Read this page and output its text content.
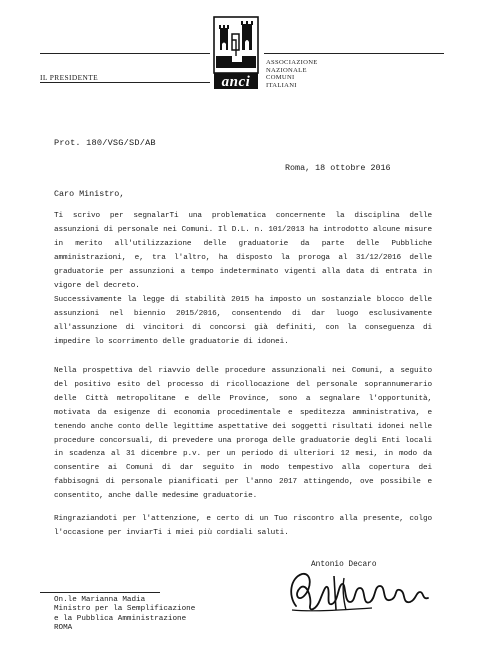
anci
ASSOCIAZIONE
NAZIONALE
COMUNI
ITALIANI
IL PRESIDENTE
Prot. 180/VSG/SD/AB
Roma, 18 ottobre 2016
Caro Ministro,
Ti scrivo per segnalarTi una problematica concernente la disciplina delle assunzioni di personale nei Comuni. Il D.L. n. 101/2013 ha introdotto alcune misure in merito all'utilizzazione delle graduatorie da parte delle Pubbliche amministrazioni, e, tra l'altro, ha disposto la proroga al 31/12/2016 delle graduatorie per assunzioni a tempo indeterminato vigenti alla data di entrata in vigore del decreto.
Successivamente la legge di stabilità 2015 ha imposto un sostanziale blocco delle assunzioni nel biennio 2015/2016, consentendo di dar luogo esclusivamente all'assunzione di vincitori di concorsi già definiti, con la conseguenza di impedire lo scorrimento delle graduatorie di idonei.
Nella prospettiva del riavvio delle procedure assunzionali nei Comuni, a seguito del positivo esito del processo di ricollocazione del personale soprannumerario delle Città metropolitane e delle Province, sono a segnalare l'opportunità, motivata da esigenze di economia procedimentale e speditezza amministrativa, e tenendo anche conto delle legittime aspettative dei soggetti risultati idonei nelle procedure concorsuali, di prevedere una proroga delle graduatorie degli Enti locali in scadenza al 31 dicembre p.v. per un periodo di ulteriori 12 mesi, in modo da consentire ai Comuni di dar seguito in modo tempestivo alla copertura dei fabbisogni di personale pianificati per l'anno 2017 attingendo, ove possibile e consentito, anche dalle medesime graduatorie.
Ringraziandoti per l'attenzione, e certo di un Tuo riscontro alla presente, colgo l'occasione per inviarTi i miei più cordiali saluti.
Antonio Decaro
On.le Marianna Madia
Ministro per la Semplificazione
e la Pubblica Amministrazione
ROMA
